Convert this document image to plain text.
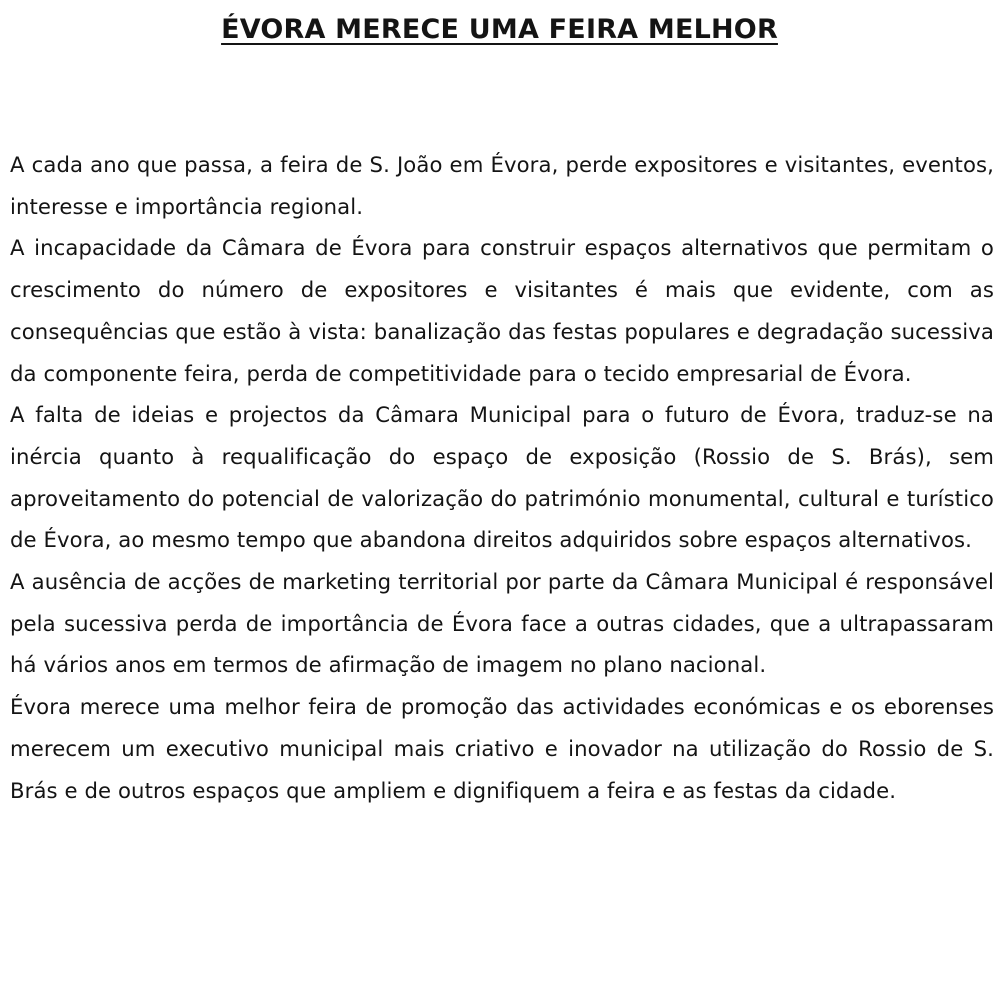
ÉVORA MERECE UMA FEIRA MELHOR

A cada ano que passa, a feira de S. João em Évora, perde expositores e visitantes, eventos, interesse e importância regional.

A incapacidade da Câmara de Évora para construir espaços alternativos que permitam o crescimento do número de expositores e visitantes é mais que evidente, com as consequências que estão à vista: banalização das festas populares e degradação sucessiva da componente feira, perda de competitividade para o tecido empresarial de Évora.

A falta de ideias e projectos da Câmara Municipal para o futuro de Évora, traduz-se na inércia quanto à requalificação do espaço de exposição (Rossio de S. Brás), sem aproveitamento do potencial de valorização do património monumental, cultural e turístico de Évora, ao mesmo tempo que abandona direitos adquiridos sobre espaços alternativos.

A ausência de acções de marketing territorial por parte da Câmara Municipal é responsável pela sucessiva perda de importância de Évora face a outras cidades, que a ultrapassaram há vários anos em termos de afirmação de imagem no plano nacional.

Évora merece uma melhor feira de promoção das actividades económicas e os eborenses merecem um executivo municipal mais criativo e inovador na utilização do Rossio de S. Brás e de outros espaços que ampliem e dignifiquem a feira e as festas da cidade.
